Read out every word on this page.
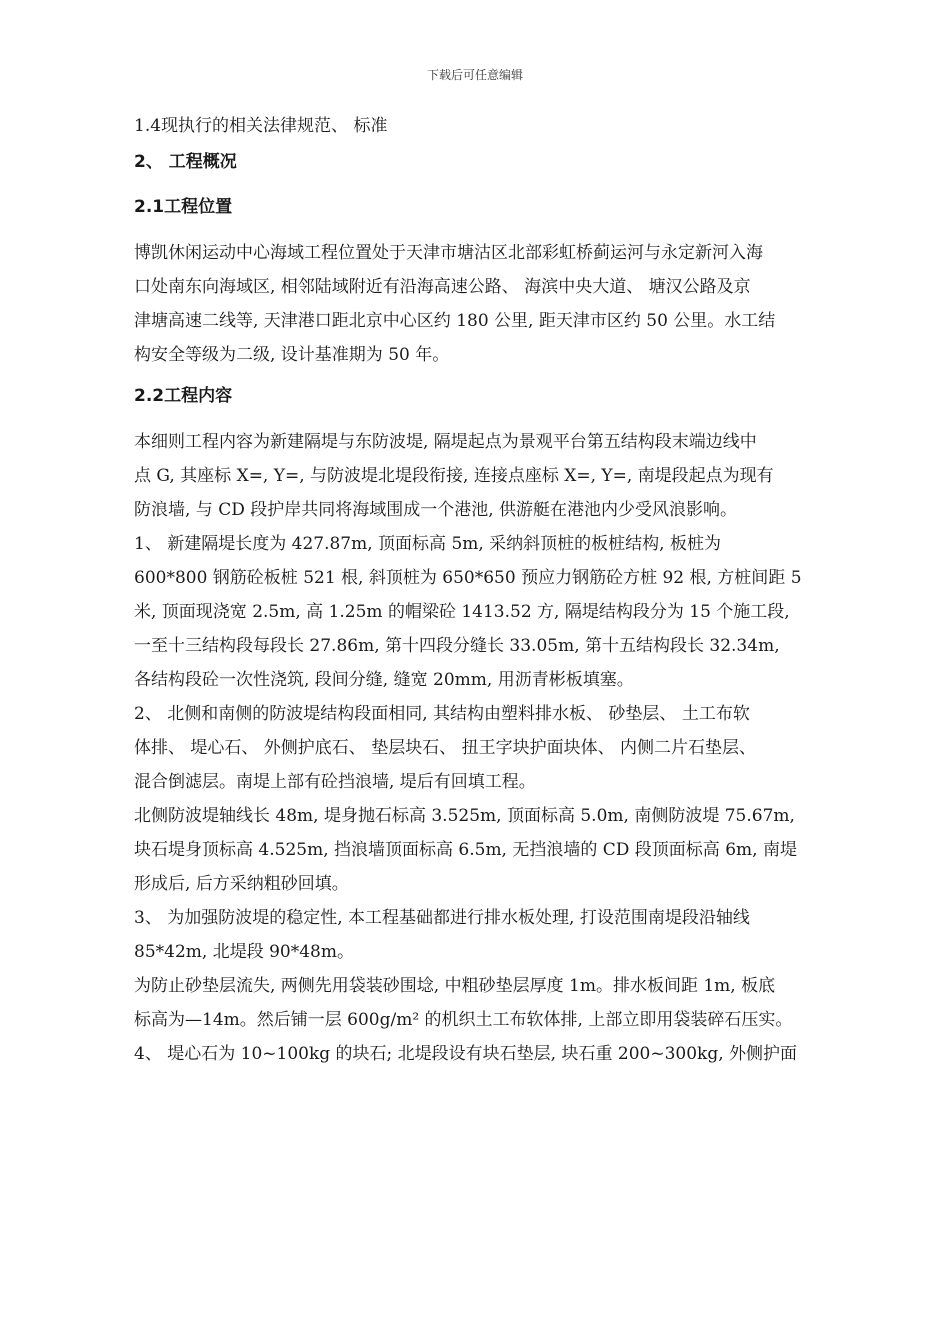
下载后可任意编辑

1.4现执行的相关法律规范、 标准

2、 工程概况

2.1工程位置

博凯休闲运动中心海域工程位置处于天津市塘沽区北部彩虹桥蓟运河与永定新河入海
口处南东向海域区, 相邻陆域附近有沿海高速公路、 海滨中央大道、 塘汉公路及京
津塘高速二线等, 天津港口距北京中心区约 180 公里, 距天津市区约 50 公里。水工结
构安全等级为二级, 设计基准期为 50 年。

2.2工程内容

本细则工程内容为新建隔堤与东防波堤, 隔堤起点为景观平台第五结构段末端边线中
点 G, 其座标 X=, Y=, 与防波堤北堤段衔接, 连接点座标 X=, Y=, 南堤段起点为现有
防浪墙, 与 CD 段护岸共同将海域围成一个港池, 供游艇在港池内少受风浪影响。
1、 新建隔堤长度为 427.87m, 顶面标高 5m, 采纳斜顶桩的板桩结构, 板桩为
600*800 钢筋砼板桩 521 根, 斜顶桩为 650*650 预应力钢筋砼方桩 92 根, 方桩间距 5
米, 顶面现浇宽 2.5m, 高 1.25m 的帽梁砼 1413.52 方, 隔堤结构段分为 15 个施工段,
一至十三结构段每段长 27.86m, 第十四段分缝长 33.05m, 第十五结构段长 32.34m,
各结构段砼一次性浇筑, 段间分缝, 缝宽 20mm, 用沥青彬板填塞。
2、 北侧和南侧的防波堤结构段面相同, 其结构由塑料排水板、 砂垫层、 土工布软
体排、 堤心石、 外侧护底石、 垫层块石、 扭王字块护面块体、 内侧二片石垫层、
混合倒滤层。南堤上部有砼挡浪墙, 堤后有回填工程。
北侧防波堤轴线长 48m, 堤身抛石标高 3.525m, 顶面标高 5.0m, 南侧防波堤 75.67m,
块石堤身顶标高 4.525m, 挡浪墙顶面标高 6.5m, 无挡浪墙的 CD 段顶面标高 6m, 南堤
形成后, 后方采纳粗砂回填。
3、 为加强防波堤的稳定性, 本工程基础都进行排水板处理, 打设范围南堤段沿轴线
85*42m, 北堤段 90*48m。
为防止砂垫层流失, 两侧先用袋装砂围埝, 中粗砂垫层厚度 1m。排水板间距 1m, 板底
标高为—14m。然后铺一层 600g/m² 的机织土工布软体排, 上部立即用袋装碎石压实。
4、 堤心石为 10~100kg 的块石; 北堤段设有块石垫层, 块石重 200~300kg, 外侧护面
